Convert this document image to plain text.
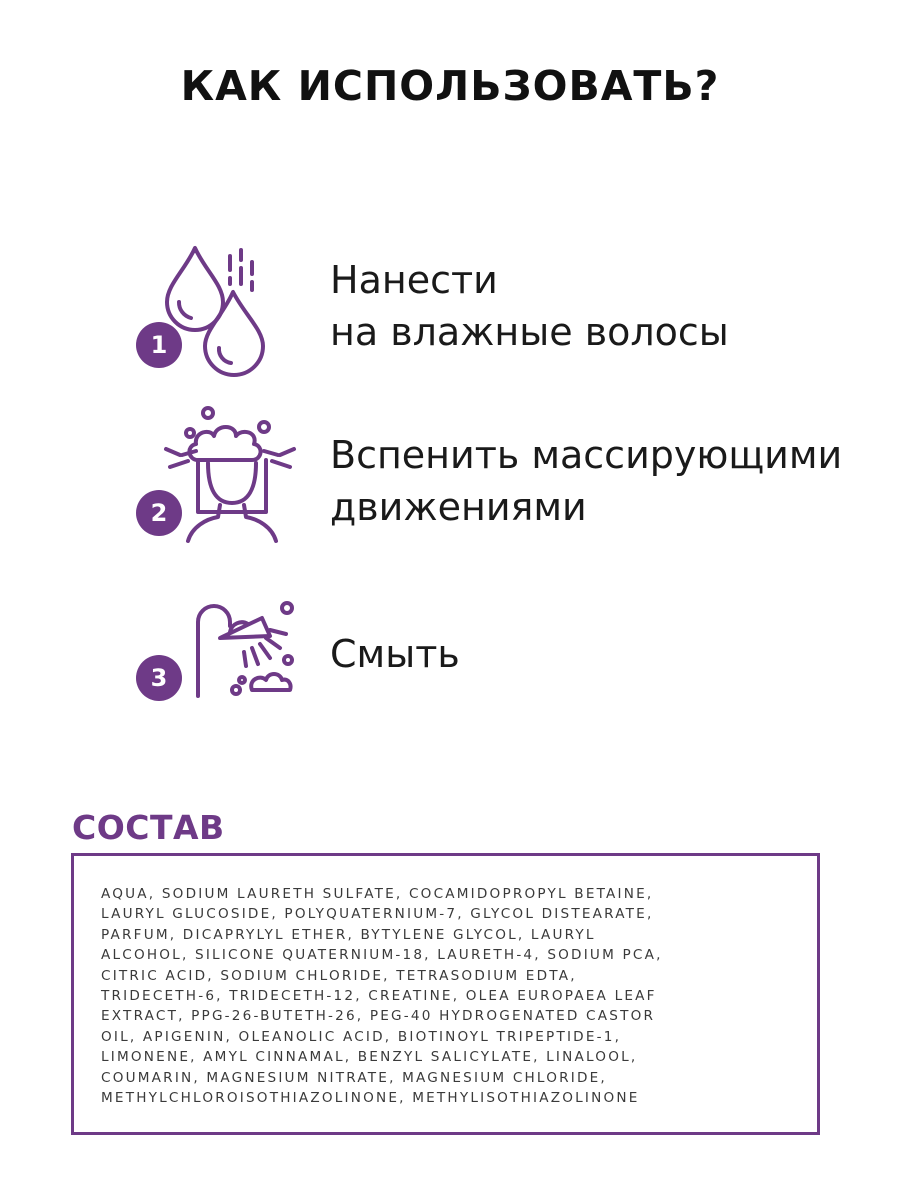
КАК ИСПОЛЬЗОВАТЬ?
1
Нанести
на влажные волосы
2
Вспенить массирующими
движениями
3
Смыть
СОСТАВ
AQUA, SODIUM LAURETH SULFATE, COCAMIDOPROPYL BETAINE,
LAURYL GLUCOSIDE, POLYQUATERNIUM-7, GLYCOL DISTEARATE,
PARFUM, DICAPRYLYL ETHER, BYTYLENE GLYCOL, LAURYL
ALCOHOL, SILICONE QUATERNIUM-18, LAURETH-4, SODIUM PCA,
CITRIC ACID, SODIUM CHLORIDE, TETRASODIUM EDTA,
TRIDECETH-6, TRIDECETH-12, CREATINE, OLEA EUROPAEA LEAF
EXTRACT, PPG-26-BUTETH-26, PEG-40 HYDROGENATED CASTOR
OIL, APIGENIN, OLEANOLIC ACID, BIOTINOYL TRIPEPTIDE-1,
LIMONENE, AMYL CINNAMAL, BENZYL SALICYLATE, LINALOOL,
COUMARIN, MAGNESIUM NITRATE, MAGNESIUM CHLORIDE,
METHYLCHLOROISOTHIAZOLINONE, METHYLISOTHIAZOLINONE
